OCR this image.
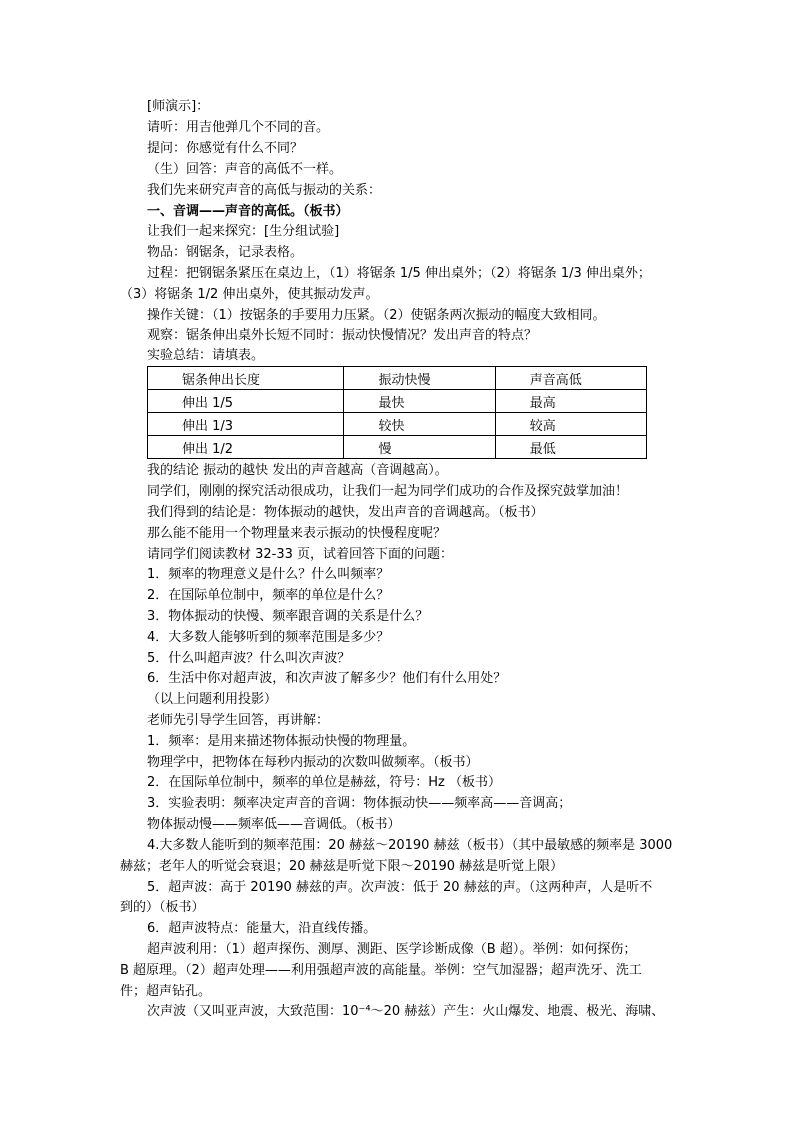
[师演示]：
请听：用吉他弹几个不同的音。
提问：你感觉有什么不同？
（生）回答：声音的高低不一样。
我们先来研究声音的高低与振动的关系：
一、音调——声音的高低。（板书）
让我们一起来探究：[生分组试验]
物品：钢锯条，记录表格。
过程：把钢锯条紧压在桌边上，（1）将锯条 1/5 伸出桌外；（2）将锯条 1/3 伸出桌外；
（3）将锯条 1/2 伸出桌外，使其振动发声。
操作关键：（1）按锯条的手要用力压紧。（2）使锯条两次振动的幅度大致相同。
观察：锯条伸出桌外长短不同时：振动快慢情况？发出声音的特点？
实验总结：请填表。
锯条伸出长度	振动快慢	声音高低
伸出 1/5	最快	最高
伸出 1/3	较快	较高
伸出 1/2	慢	最低
我的结论 振动的越快 发出的声音越高（音调越高）。
同学们，刚刚的探究活动很成功，让我们一起为同学们成功的合作及探究鼓掌加油！
我们得到的结论是：物体振动的越快，发出声音的音调越高。（板书）
那么能不能用一个物理量来表示振动的快慢程度呢？
请同学们阅读教材 32-33 页，试着回答下面的问题：
1．频率的物理意义是什么？什么叫频率？
2．在国际单位制中，频率的单位是什么？
3．物体振动的快慢、频率跟音调的关系是什么？
4．大多数人能够听到的频率范围是多少？
5．什么叫超声波？什么叫次声波？
6．生活中你对超声波，和次声波了解多少？他们有什么用处？
（以上问题利用投影）
老师先引导学生回答，再讲解：
1．频率：是用来描述物体振动快慢的物理量。
物理学中，把物体在每秒内振动的次数叫做频率。（板书）
2．在国际单位制中，频率的单位是赫兹，符号：Hz （板书）
3．实验表明：频率决定声音的音调：物体振动快——频率高——音调高；
物体振动慢——频率低——音调低。（板书）
4.大多数人能听到的频率范围：20 赫兹～20190 赫兹（板书）（其中最敏感的频率是 3000
赫兹；老年人的听觉会衰退；20 赫兹是听觉下限～20190 赫兹是听觉上限）
5．超声波：高于 20190 赫兹的声。次声波：低于 20 赫兹的声。（这两种声，人是听不
到的）（板书）
6．超声波特点：能量大，沿直线传播。
超声波利用：（1）超声探伤、测厚、测距、医学诊断成像（B 超）。举例：如何探伤；
B 超原理。（2）超声处理——利用强超声波的高能量。举例：空气加湿器；超声洗牙、洗工
件；超声钻孔。
次声波（又叫亚声波，大致范围：10⁻⁴～20 赫兹）产生：火山爆发、地震、极光、海啸、
